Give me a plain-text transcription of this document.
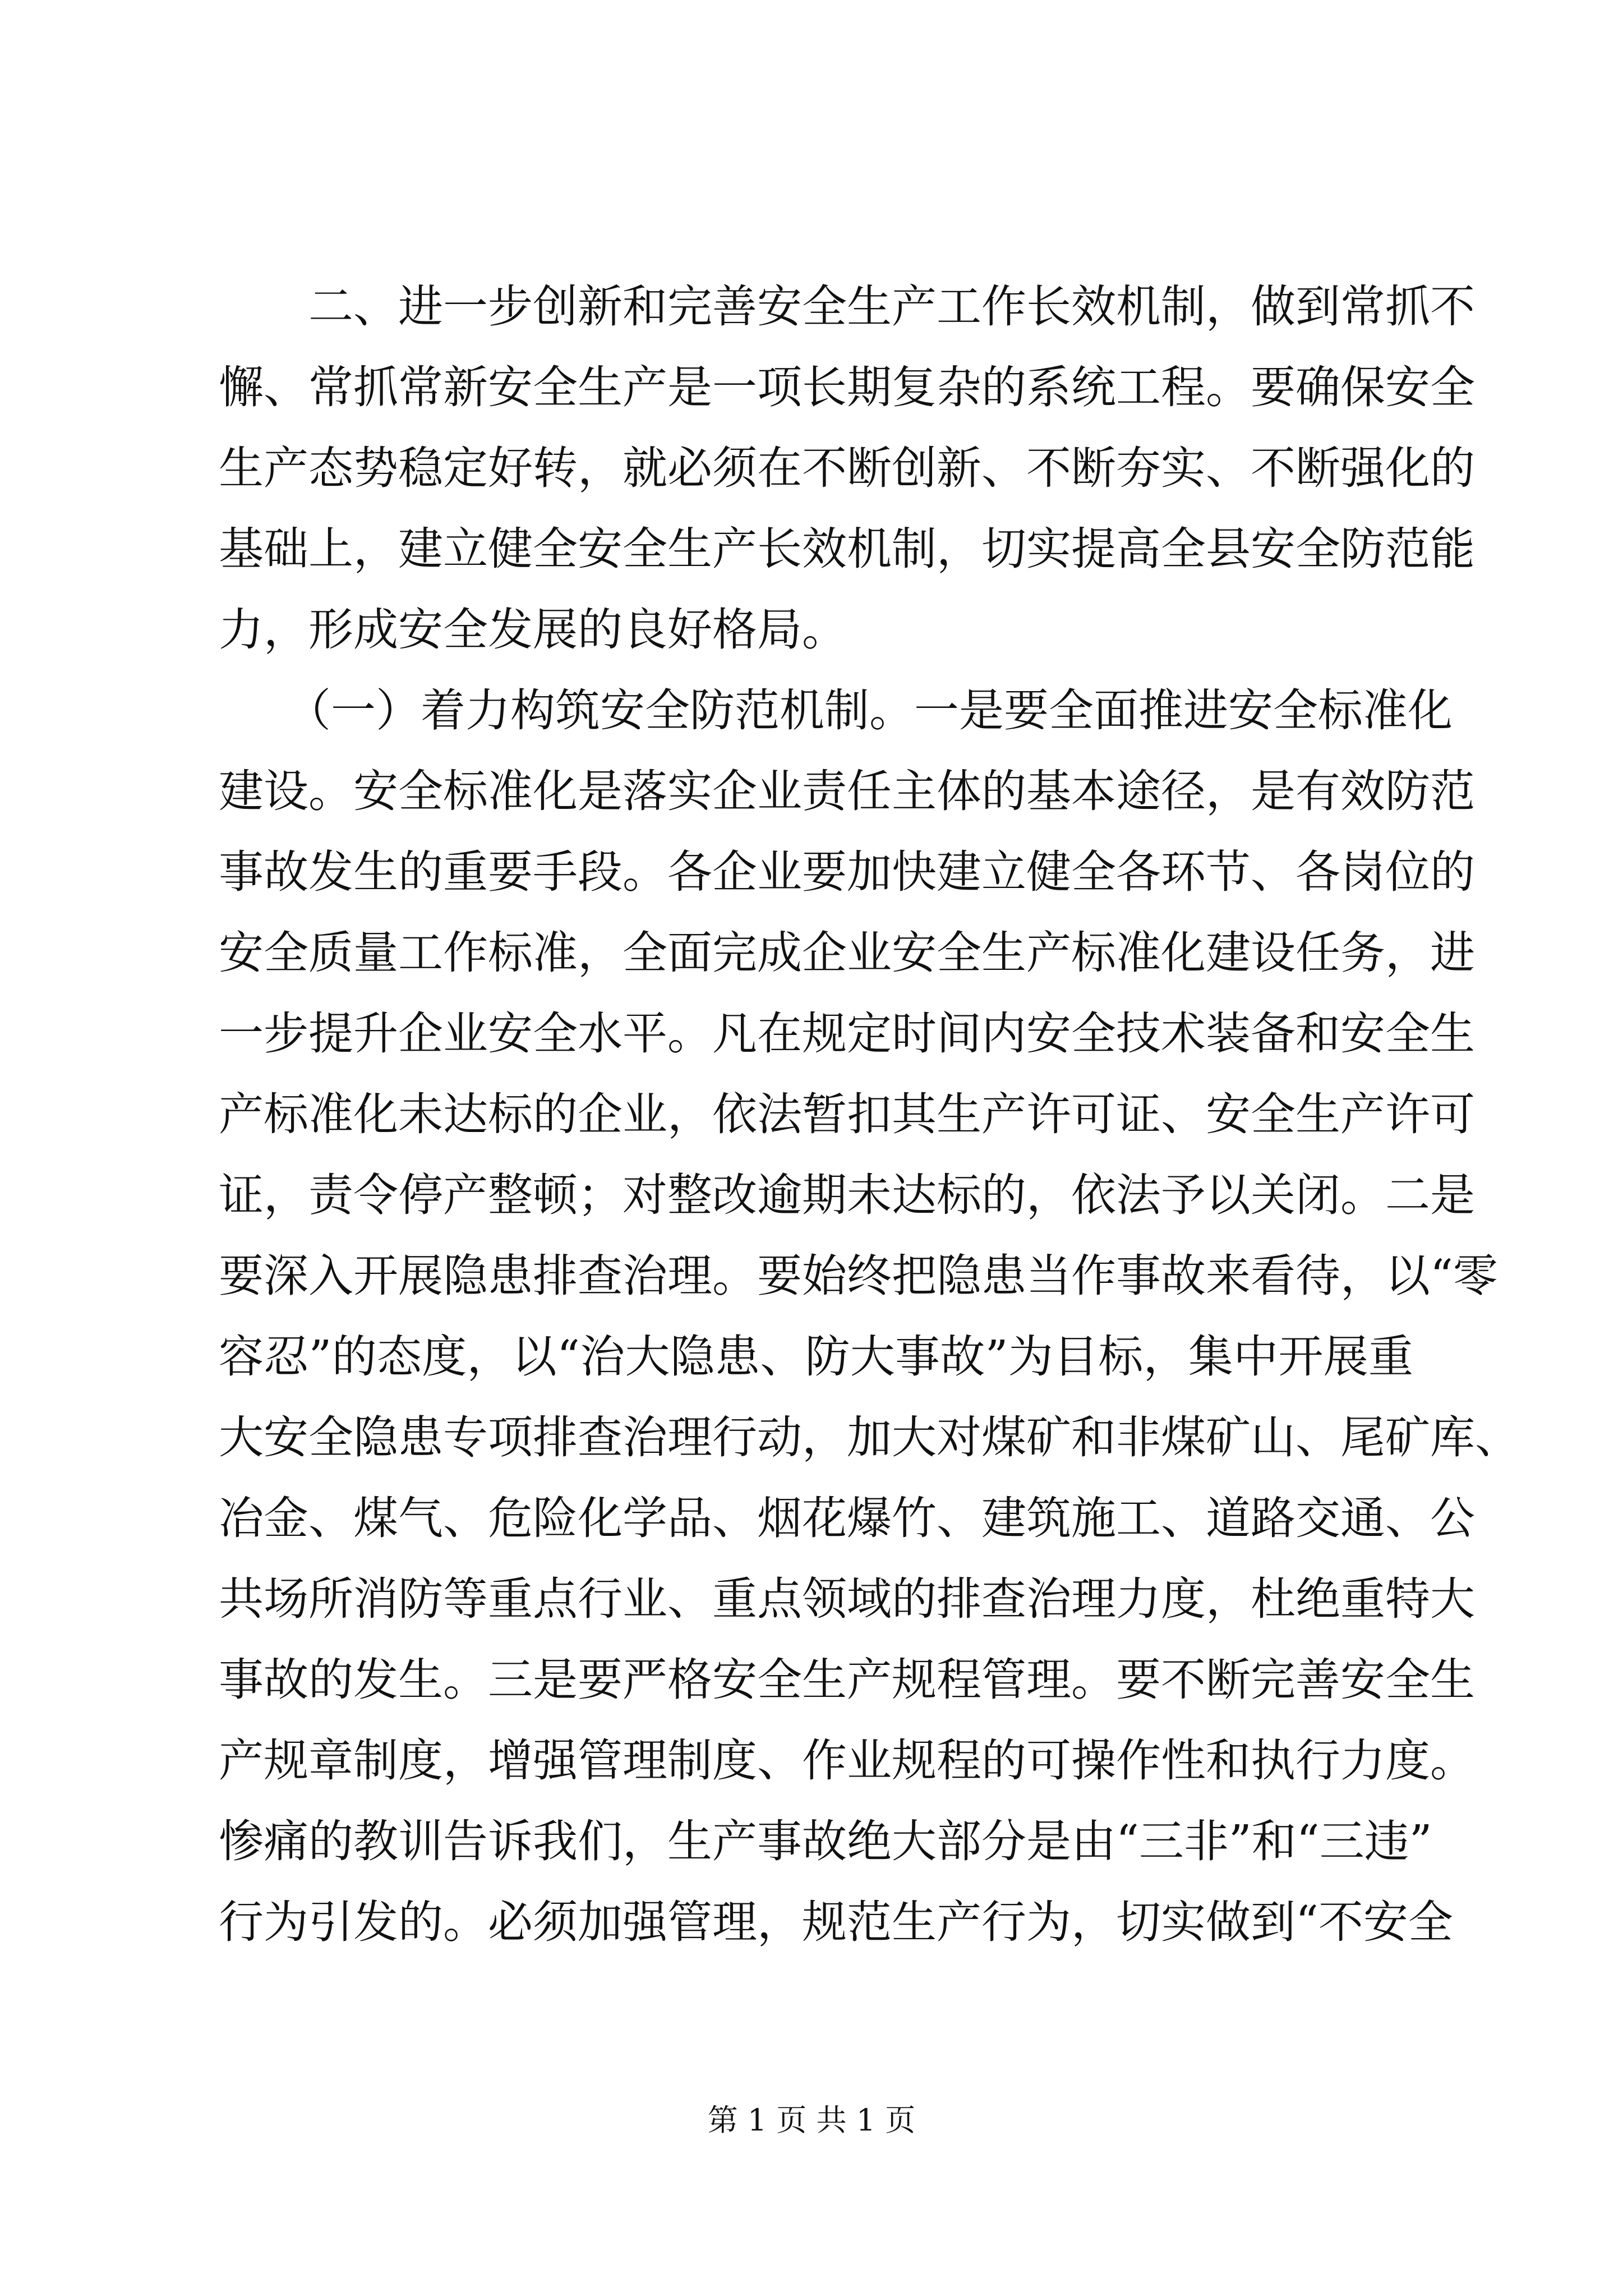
　　二、进一步创新和完善安全生产工作长效机制，做到常抓不
懈、常抓常新安全生产是一项长期复杂的系统工程。要确保安全
生产态势稳定好转，就必须在不断创新、不断夯实、不断强化的
基础上，建立健全安全生产长效机制，切实提高全县安全防范能
力，形成安全发展的良好格局。
　　（一）着力构筑安全防范机制。一是要全面推进安全标准化
建设。安全标准化是落实企业责任主体的基本途径，是有效防范
事故发生的重要手段。各企业要加快建立健全各环节、各岗位的
安全质量工作标准，全面完成企业安全生产标准化建设任务，进
一步提升企业安全水平。凡在规定时间内安全技术装备和安全生
产标准化未达标的企业，依法暂扣其生产许可证、安全生产许可
证，责令停产整顿；对整改逾期未达标的，依法予以关闭。二是
要深入开展隐患排查治理。要始终把隐患当作事故来看待，以“零
容忍”的态度，以“治大隐患、防大事故”为目标，集中开展重
大安全隐患专项排查治理行动，加大对煤矿和非煤矿山、尾矿库、
冶金、煤气、危险化学品、烟花爆竹、建筑施工、道路交通、公
共场所消防等重点行业、重点领域的排查治理力度，杜绝重特大
事故的发生。三是要严格安全生产规程管理。要不断完善安全生
产规章制度，增强管理制度、作业规程的可操作性和执行力度。
惨痛的教训告诉我们，生产事故绝大部分是由“三非”和“三违”
行为引发的。必须加强管理，规范生产行为，切实做到“不安全
第 1 页 共 1 页
